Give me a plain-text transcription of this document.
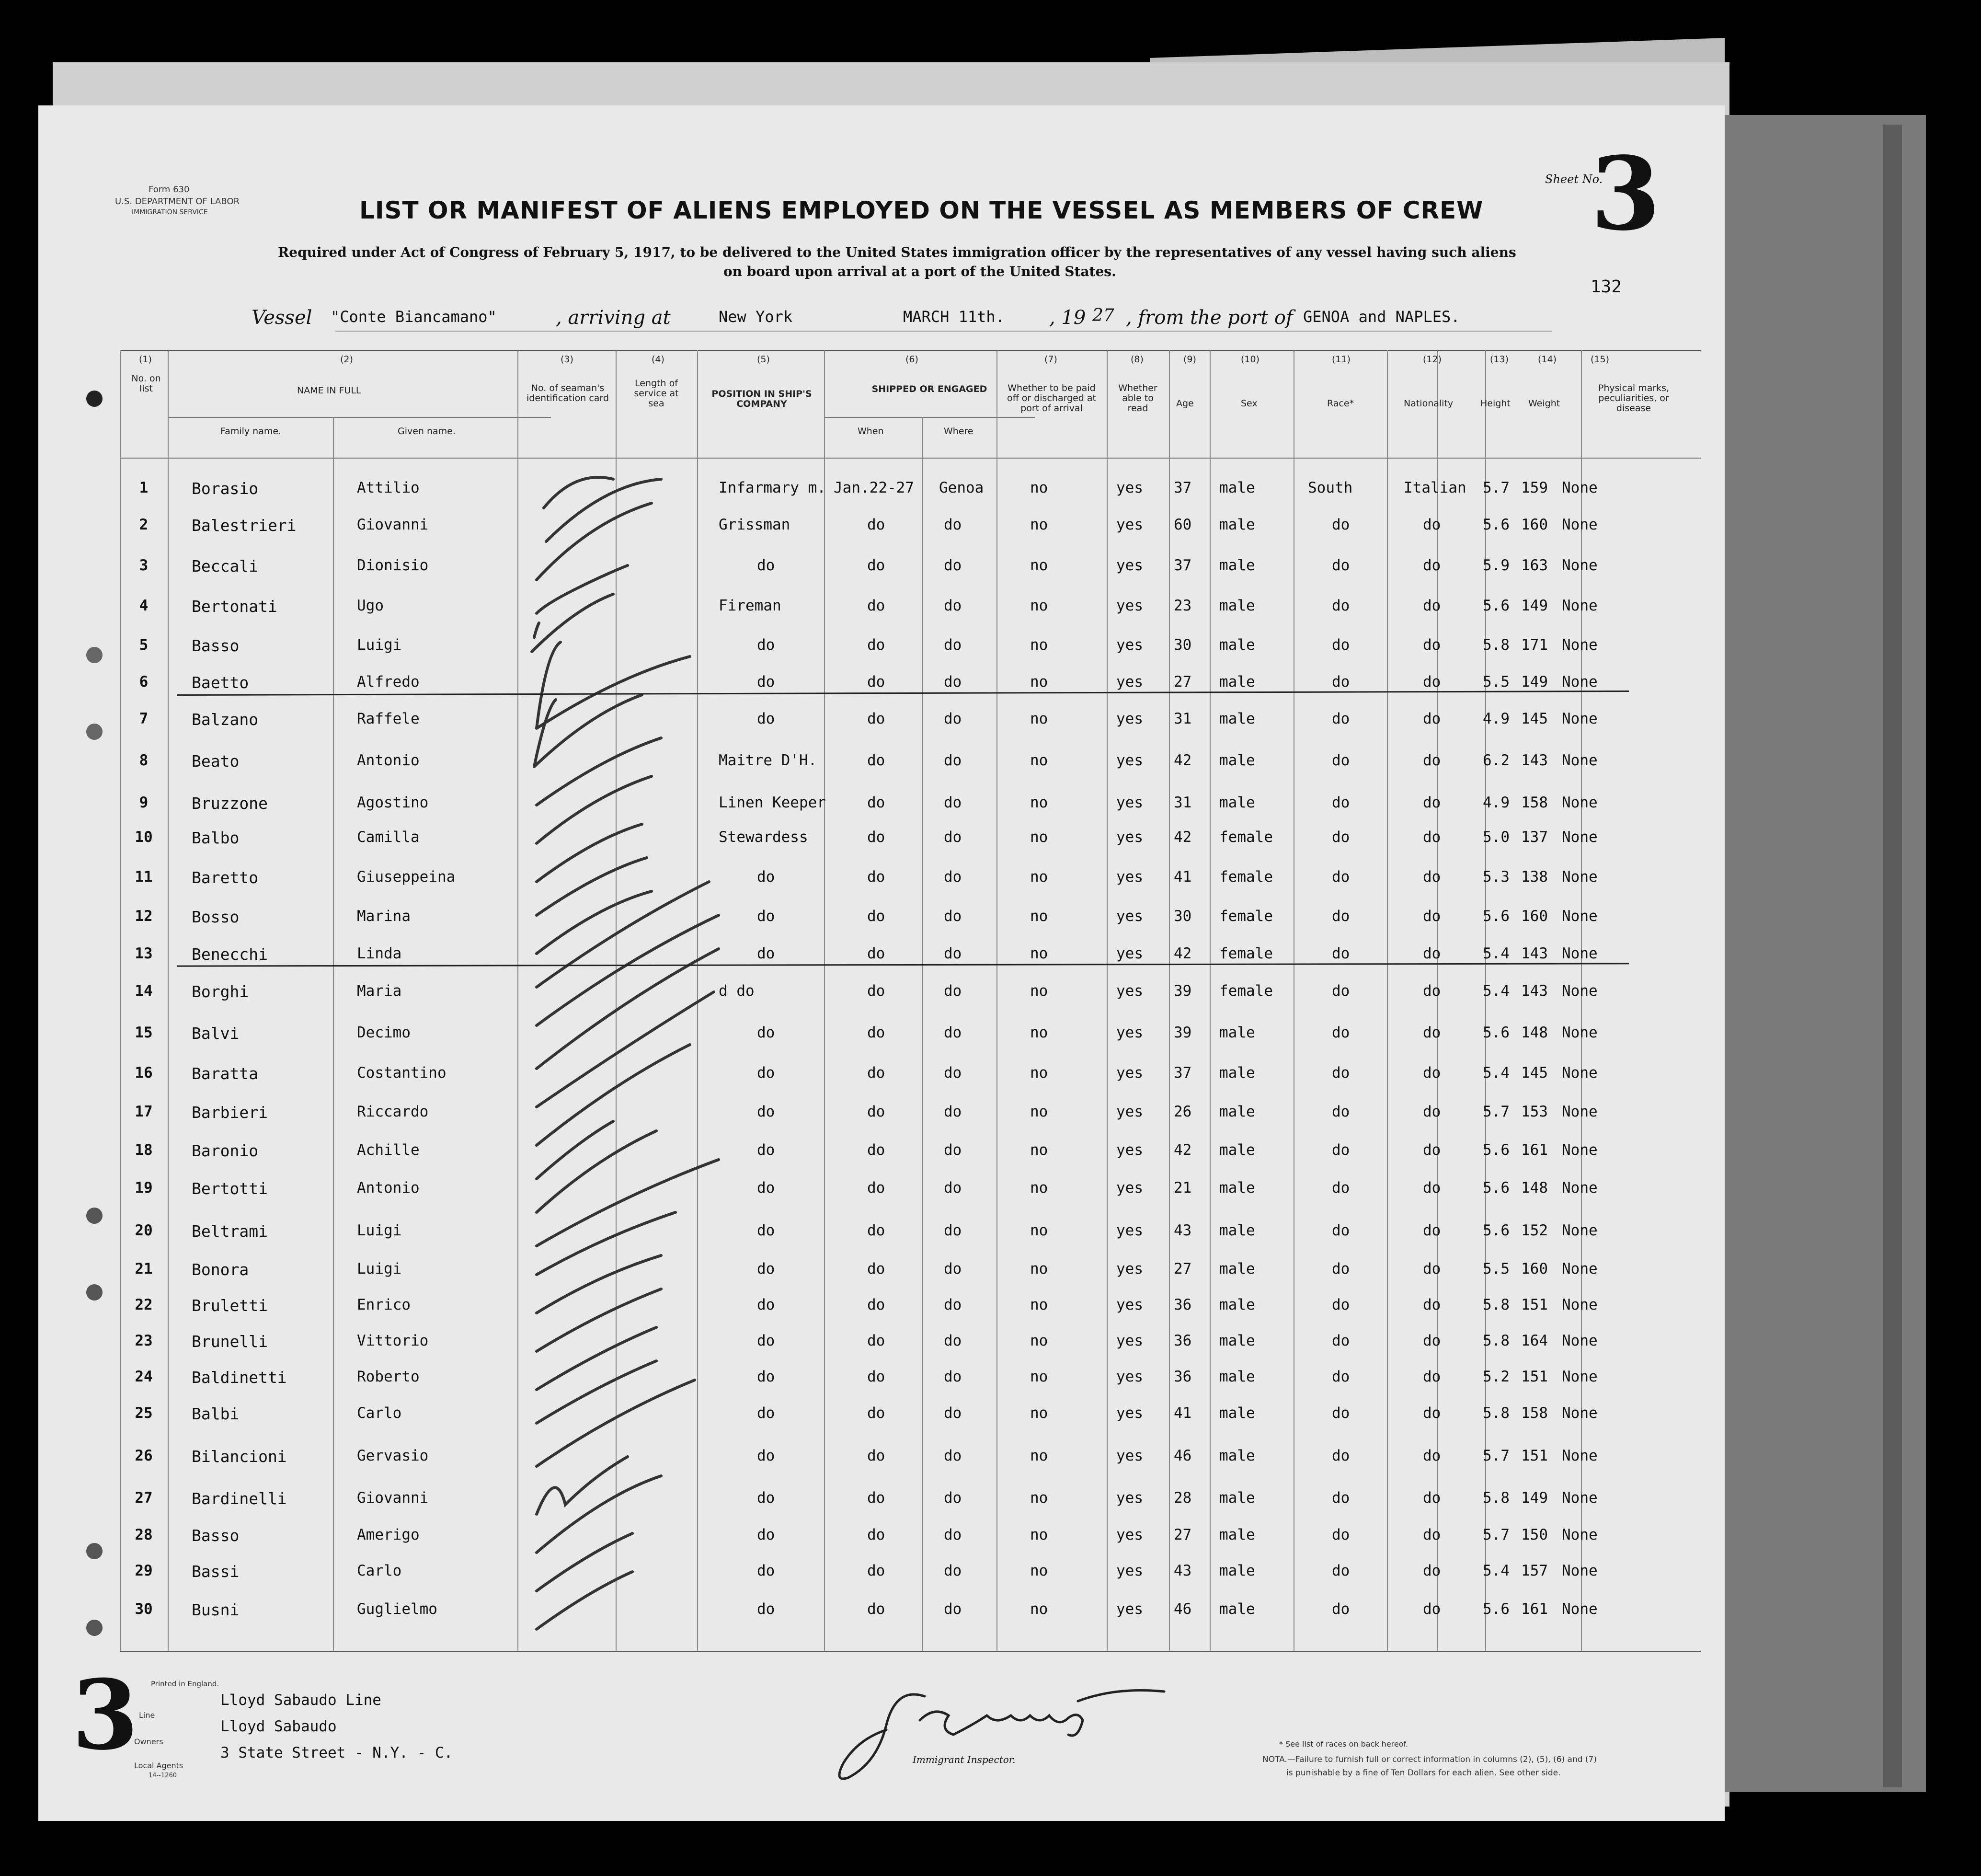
Form 630
U.S. DEPARTMENT OF LABOR
IMMIGRATION SERVICE
Sheet No.
3
132
LIST OR MANIFEST OF ALIENS EMPLOYED ON THE VESSEL AS MEMBERS OF CREW
Required under Act of Congress of February 5, 1917, to be delivered to the United States immigration officer by the representatives of any vessel having such aliens
on board upon arrival at a port of the United States.
Vessel "Conte Biancamano"	, arriving at	New York	MARCH 11th. , 19 27 , from the port of GENOA and NAPLES.
(1)	(2)	(3)	(4)	(5)	(6)	(7)	(8)	(9)	(10)	(11)	(12)	(13)	(14)	(15)
No. on list	NAME IN FULL
Family name.	Given name.
No. of seaman's identification card
Length of service at sea
POSITION IN SHIP'S COMPANY
SHIPPED OR ENGAGED
When	Where
Whether to be paid off or discharged at port of arrival
Whether able to read	Age	Sex	Race*	Nationality	Height Weight
Physical marks, peculiarities, or disease
1	Borasio	Attilio	Infarmary m. Jan.22-27 Genoa	no	yes 37 male	South	Italian 5.7 159 None
2	Balestrieri	Giovanni	Grissman	do	do	no	yes 60 male	do	do	5.6 160 None
3	Beccali	Dionisio	do	do	do	no	yes 37 male	do	do	5.9 163 None
4	Bertonati	Ugo	Fireman	do	do	no	yes 23 male	do	do	5.6 149 None
5	Basso	Luigi	do	do	do	no	yes 30 male	do	do	5.8 171 None
6	Baetto	Alfredo	do	do	do	no	yes 27 male	do	do	5.5 149 None
7	Balzano	Raffele	do	do	do	no	yes 31 male	do	do	4.9 145 None
8	Beato	Antonio	Maitre D'H.	do	do	no	yes 42 male	do	do	6.2 143 None
9	Bruzzone	Agostino	Linen Keeper	do	do	no	yes 31 male	do	do	4.9 158 None
10	Balbo	Camilla	Stewardess	do	do	no	yes 42 female	do	do	5.0 137 None
11	Baretto	Giuseppeina	do	do	do	no	yes 41 female	do	do	5.3 138 None
12	Bosso	Marina	do	do	do	no	yes 30 female	do	do	5.6 160 None
13	Benecchi	Linda	do	do	do	no	yes 42 female	do	do	5.4 143 None
14	Borghi	Maria	d do	do	do	no	yes 39 female	do	do	5.4 143 None
15	Balvi	Decimo	do	do	do	no	yes 39 male	do	do	5.6 148 None
16	Baratta	Costantino	do	do	do	no	yes 37 male	do	do	5.4 145 None
17	Barbieri	Riccardo	do	do	do	no	yes 26 male	do	do	5.7 153 None
18	Baronio	Achille	do	do	do	no	yes 42 male	do	do	5.6 161 None
19	Bertotti	Antonio	do	do	do	no	yes 21 male	do	do	5.6 148 None
20	Beltrami	Luigi	do	do	do	no	yes 43 male	do	do	5.6 152 None
21	Bonora	Luigi	do	do	do	no	yes 27 male	do	do	5.5 160 None
22	Bruletti	Enrico	do	do	do	no	yes 36 male	do	do	5.8 151 None
23	Brunelli	Vittorio	do	do	do	no	yes 36 male	do	do	5.8 164 None
24	Baldinetti	Roberto	do	do	do	no	yes 36 male	do	do	5.2 151 None
25	Balbi	Carlo	do	do	do	no	yes 41 male	do	do	5.8 158 None
26	Bilancioni	Gervasio	do	do	do	no	yes 46 male	do	do	5.7 151 None
27	Bardinelli	Giovanni	do	do	do	no	yes 28 male	do	do	5.8 149 None
28	Basso	Amerigo	do	do	do	no	yes 27 male	do	do	5.7 150 None
29	Bassi	Carlo	do	do	do	no	yes 43 male	do	do	5.4 157 None
30	Busni	Guglielmo	do	do	do	no	yes 46 male	do	do	5.6 161 None
3 Printed in England.
Line
Lloyd Sabaudo Line
Owners
Lloyd Sabaudo
Local Agents
3 State Street - N.Y. - C.
14--1260
Immigrant Inspector.
* See list of races on back hereof.
NOTA.—Failure to furnish full or correct information in columns (2), (5), (6) and (7)
is punishable by a fine of Ten Dollars for each alien. See other side.
